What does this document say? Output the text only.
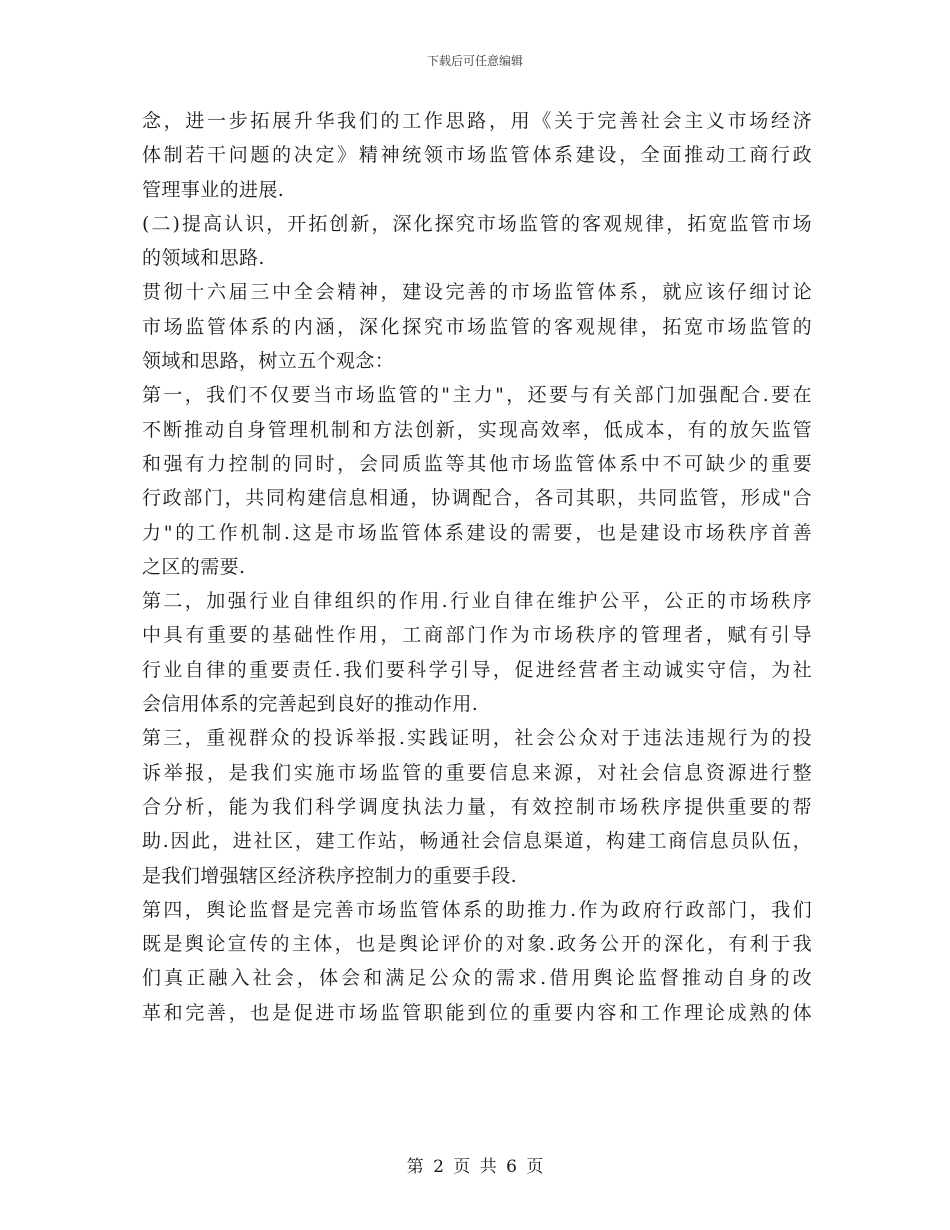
下载后可任意编辑
念，进一步拓展升华我们的工作思路，用《关于完善社会主义市场经济
体制若干问题的决定》精神统领市场监管体系建设，全面推动工商行政
管理事业的进展.
(二)提高认识，开拓创新，深化探究市场监管的客观规律，拓宽监管市场
的领域和思路.
贯彻十六届三中全会精神，建设完善的市场监管体系，就应该仔细讨论
市场监管体系的内涵，深化探究市场监管的客观规律，拓宽市场监管的
领域和思路，树立五个观念：
第一，我们不仅要当市场监管的"主力"，还要与有关部门加强配合.要在
不断推动自身管理机制和方法创新，实现高效率，低成本，有的放矢监管
和强有力控制的同时，会同质监等其他市场监管体系中不可缺少的重要
行政部门，共同构建信息相通，协调配合，各司其职，共同监管，形成"合
力"的工作机制.这是市场监管体系建设的需要，也是建设市场秩序首善
之区的需要.
第二，加强行业自律组织的作用.行业自律在维护公平，公正的市场秩序
中具有重要的基础性作用，工商部门作为市场秩序的管理者，赋有引导
行业自律的重要责任.我们要科学引导，促进经营者主动诚实守信，为社
会信用体系的完善起到良好的推动作用.
第三，重视群众的投诉举报.实践证明，社会公众对于违法违规行为的投
诉举报，是我们实施市场监管的重要信息来源，对社会信息资源进行整
合分析，能为我们科学调度执法力量，有效控制市场秩序提供重要的帮
助.因此，进社区，建工作站，畅通社会信息渠道，构建工商信息员队伍，
是我们增强辖区经济秩序控制力的重要手段.
第四，舆论监督是完善市场监管体系的助推力.作为政府行政部门，我们
既是舆论宣传的主体，也是舆论评价的对象.政务公开的深化，有利于我
们真正融入社会，体会和满足公众的需求.借用舆论监督推动自身的改
革和完善，也是促进市场监管职能到位的重要内容和工作理论成熟的体
第 2 页 共 6 页
